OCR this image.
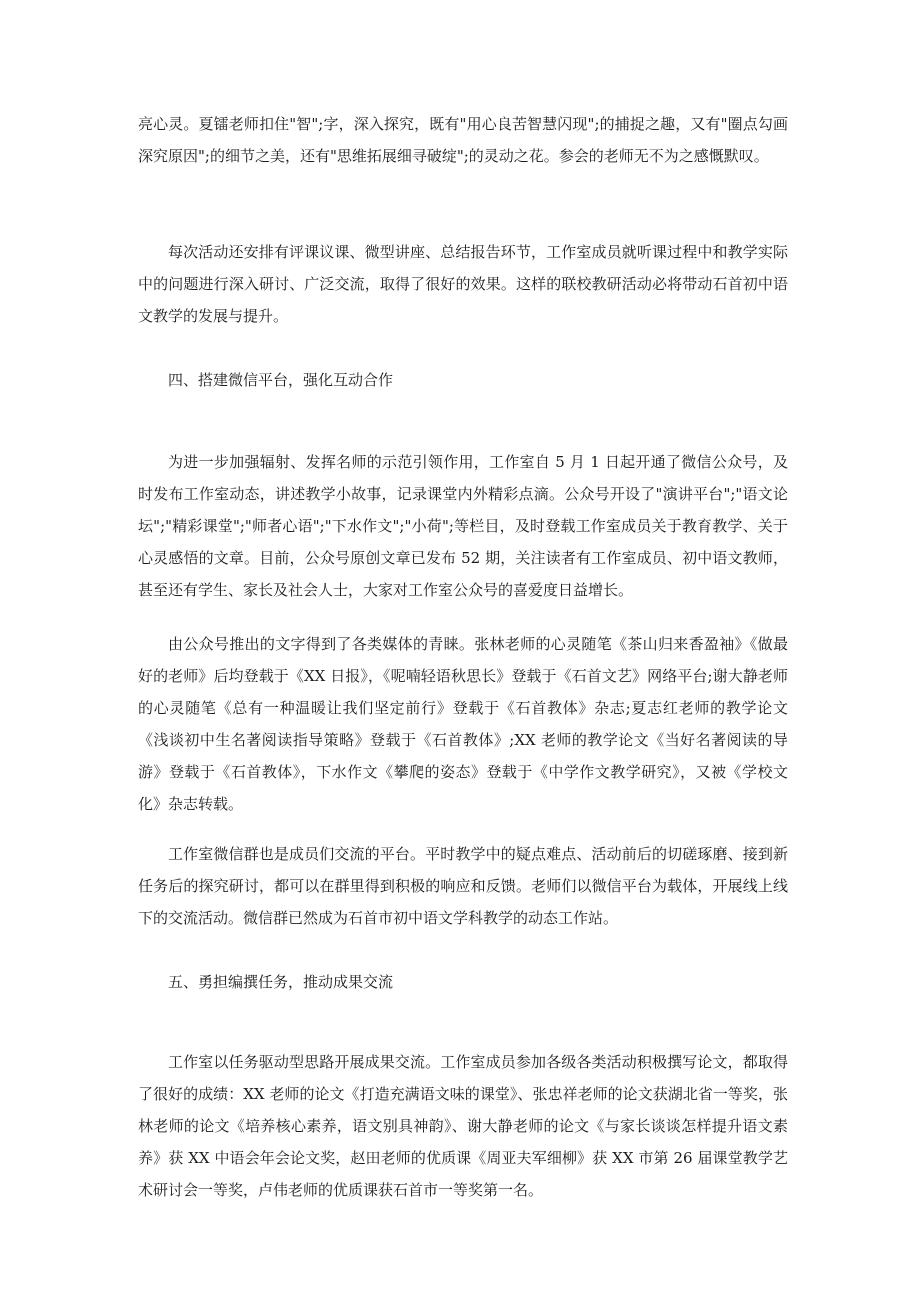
亮心灵。夏镭老师扣住"智";字，深入探究，既有"用心良苦智慧闪现";的捕捉之趣，又有"圈点勾画深究原因";的细节之美，还有"思维拓展细寻破绽";的灵动之花。参会的老师无不为之感慨默叹。

每次活动还安排有评课议课、微型讲座、总结报告环节，工作室成员就听课过程中和教学实际中的问题进行深入研讨、广泛交流，取得了很好的效果。这样的联校教研活动必将带动石首初中语文教学的发展与提升。

四、搭建微信平台，强化互动合作

为进一步加强辐射、发挥名师的示范引领作用，工作室自 5 月 1 日起开通了微信公众号，及时发布工作室动态，讲述教学小故事，记录课堂内外精彩点滴。公众号开设了"演讲平台";"语文论坛";"精彩课堂";"师者心语";"下水作文";"小荷";等栏目，及时登载工作室成员关于教育教学、关于心灵感悟的文章。目前，公众号原创文章已发布 52 期，关注读者有工作室成员、初中语文教师，甚至还有学生、家长及社会人士，大家对工作室公众号的喜爱度日益增长。

由公众号推出的文字得到了各类媒体的青睐。张林老师的心灵随笔《茶山归来香盈袖》《做最好的老师》后均登载于《XX 日报》，《呢喃轻语秋思长》登载于《石首文艺》网络平台;谢大静老师的心灵随笔《总有一种温暖让我们坚定前行》登载于《石首教体》杂志;夏志红老师的教学论文《浅谈初中生名著阅读指导策略》登载于《石首教体》;XX 老师的教学论文《当好名著阅读的导游》登载于《石首教体》，下水作文《攀爬的姿态》登载于《中学作文教学研究》，又被《学校文化》杂志转载。

工作室微信群也是成员们交流的平台。平时教学中的疑点难点、活动前后的切磋琢磨、接到新任务后的探究研讨，都可以在群里得到积极的响应和反馈。老师们以微信平台为载体，开展线上线下的交流活动。微信群已然成为石首市初中语文学科教学的动态工作站。

五、勇担编撰任务，推动成果交流

工作室以任务驱动型思路开展成果交流。工作室成员参加各级各类活动积极撰写论文，都取得了很好的成绩：XX 老师的论文《打造充满语文味的课堂》、张忠祥老师的论文获湖北省一等奖，张林老师的论文《培养核心素养，语文别具神韵》、谢大静老师的论文《与家长谈谈怎样提升语文素养》获 XX 中语会年会论文奖，赵田老师的优质课《周亚夫军细柳》获 XX 市第 26 届课堂教学艺术研讨会一等奖，卢伟老师的优质课获石首市一等奖第一名。
